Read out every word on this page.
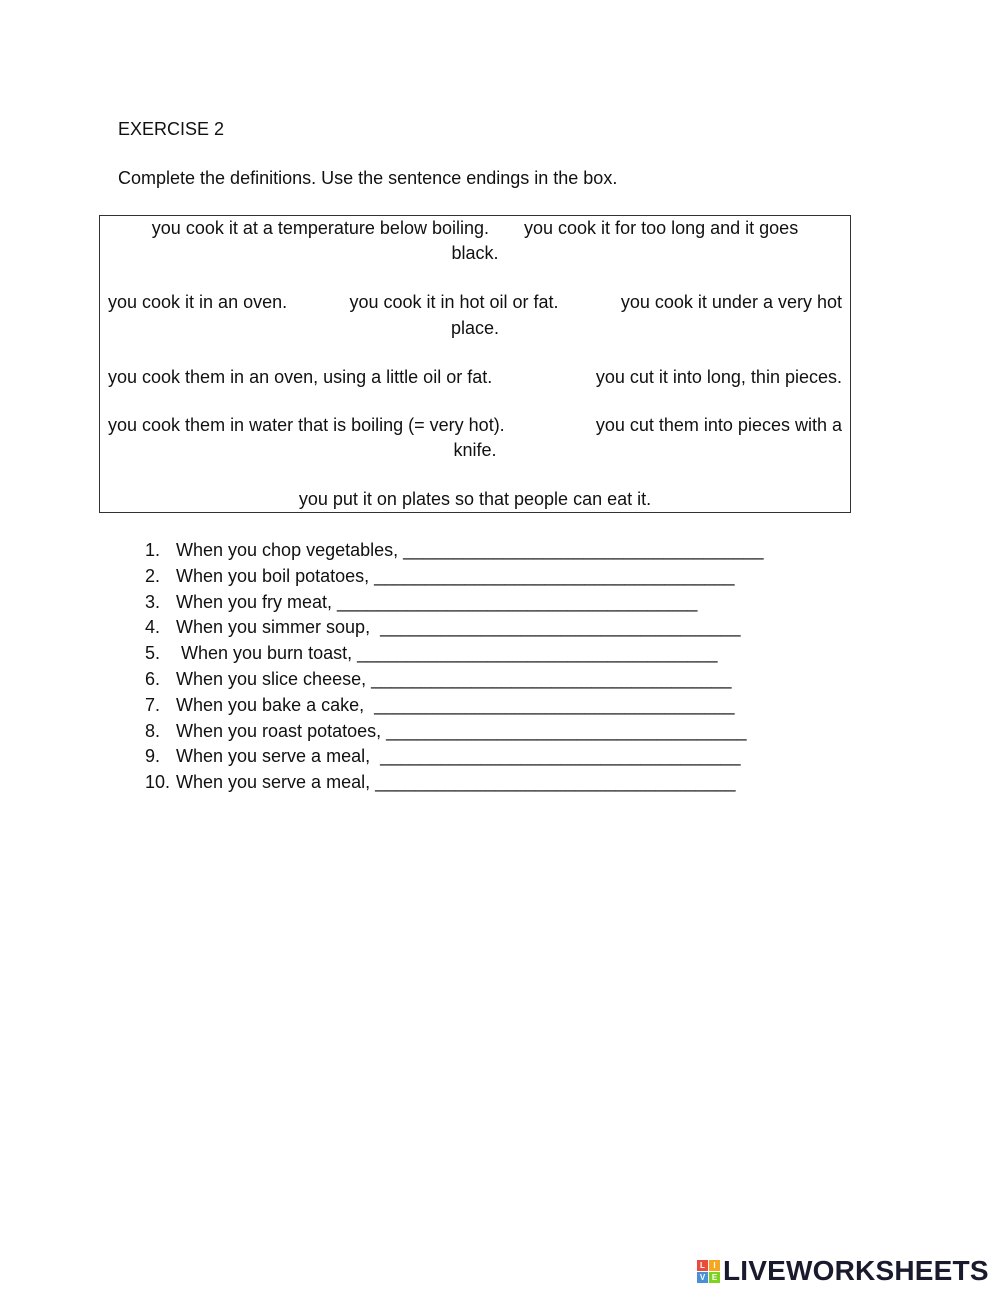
EXERCISE 2
Complete the definitions. Use the sentence endings in the box.
you cook it at a temperature below boiling. you cook it for too long and it goes
black.
you cook it in an oven.	you cook it in hot oil or fat.	you cook it under a very hot
place.
you cook them in an oven, using a little oil or fat.	you cut it into long, thin pieces.
you cook them in water that is boiling (= very hot).	you cut them into pieces with a
knife.
you put it on plates so that people can eat it.
1. When you chop vegetables, ____________________________________
2. When you boil potatoes, ____________________________________
3. When you fry meat, ____________________________________
4. When you simmer soup,  ____________________________________
5. When you burn toast, ____________________________________
6. When you slice cheese, ____________________________________
7. When you bake a cake,  ____________________________________
8. When you roast potatoes, ____________________________________
9. When you serve a meal,  ____________________________________
10. When you serve a meal, ____________________________________
L	I
V E LIVEWORKSHEETS
